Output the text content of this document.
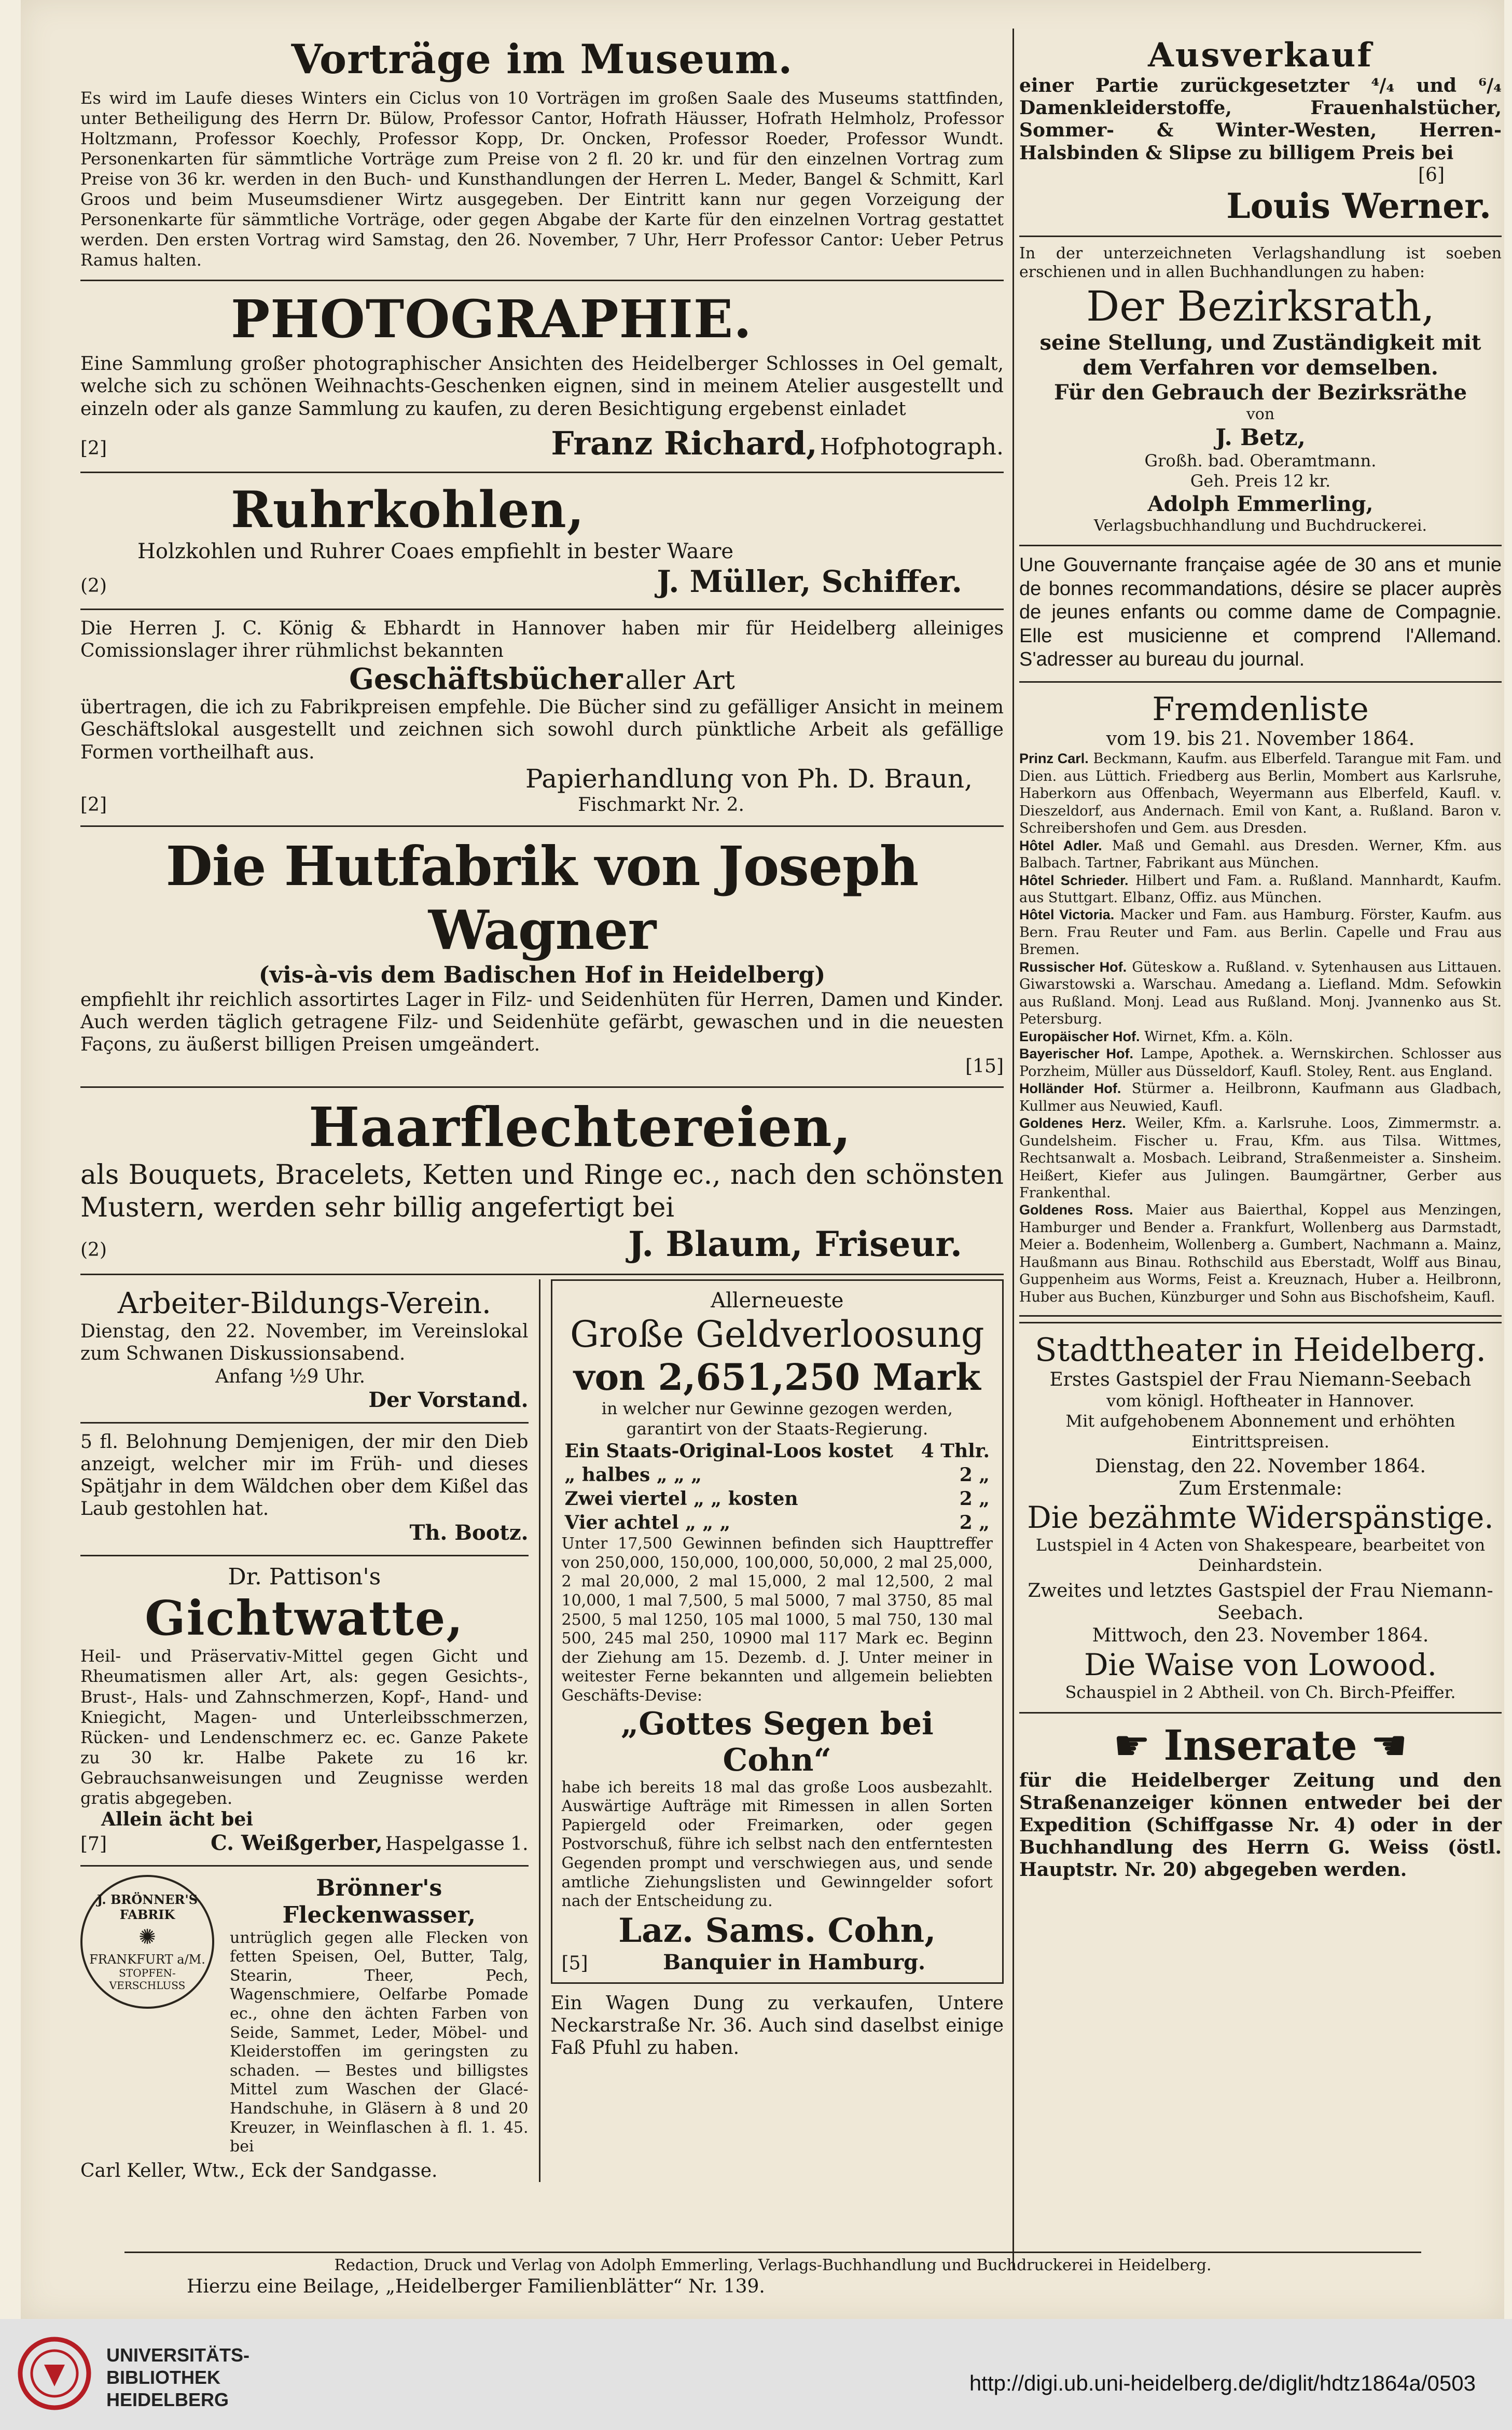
Vorträge im Museum.
Es wird im Laufe dieses Winters ein Ciclus von 10 Vorträgen im großen Saale des Museums stattfinden, unter Betheiligung des Herrn Dr. Bülow, Professor Cantor, Hofrath Häusser, Hofrath Helmholz, Professor Holtzmann, Professor Koechly, Professor Kopp, Dr. Oncken, Professor Roeder, Professor Wundt. Personenkarten für sämmtliche Vorträge zum Preise von 2 fl. 20 kr. und für den einzelnen Vortrag zum Preise von 36 kr. werden in den Buch- und Kunsthandlungen der Herren L. Meder, Bangel & Schmitt, Karl Groos und beim Museumsdiener Wirtz ausgegeben. Der Eintritt kann nur gegen Vorzeigung der Personenkarte für sämmtliche Vorträge, oder gegen Abgabe der Karte für den einzelnen Vortrag gestattet werden. Den ersten Vortrag wird Samstag, den 26. November, 7 Uhr, Herr Professor Cantor: Ueber Petrus Ramus halten.
PHOTOGRAPHIE.
Eine Sammlung großer photographischer Ansichten des Heidelberger Schlosses in Oel gemalt, welche sich zu schönen Weihnachts-Geschenken eignen, sind in meinem Atelier ausgestellt und einzeln oder als ganze Sammlung zu kaufen, zu deren Besichtigung ergebenst einladet
[2]	Franz Richard, Hofphotograph.
Ruhrkohlen,
Holzkohlen und Ruhrer Coaes empfiehlt in bester Waare
(2)	J. Müller, Schiffer.
Die Herren J. C. König & Ebhardt in Hannover haben mir für Heidelberg alleiniges Comissionslager ihrer rühmlichst bekannten
Geschäftsbücher aller Art
übertragen, die ich zu Fabrikpreisen empfehle. Die Bücher sind zu gefälliger Ansicht in meinem Geschäftslokal ausgestellt und zeichnen sich sowohl durch pünktliche Arbeit als gefällige Formen vortheilhaft aus.
Papierhandlung von Ph. D. Braun,
[2]	Fischmarkt Nr. 2.
Die Hutfabrik von Joseph Wagner
(vis-à-vis dem Badischen Hof in Heidelberg)
empfiehlt ihr reichlich assortirtes Lager in Filz- und Seidenhüten für Herren, Damen und Kinder. Auch werden täglich getragene Filz- und Seidenhüte gefärbt, gewaschen und in die neuesten Façons, zu äußerst billigen Preisen umgeändert.
[15]
Haarflechtereien,
als Bouquets, Bracelets, Ketten und Ringe ec., nach den schönsten Mustern, werden sehr billig angefertigt bei
(2)	J. Blaum, Friseur.
Arbeiter-Bildungs-Verein.
Dienstag, den 22. November, im Vereinslokal zum Schwanen Diskussionsabend.
Anfang ½9 Uhr.
Der Vorstand.
5 fl. Belohnung Demjenigen, der mir den Dieb anzeigt, welcher mir im Früh- und dieses Spätjahr in dem Wäldchen ober dem Kißel das Laub gestohlen hat.
Th. Bootz.
Dr. Pattison's
Gichtwatte,
Heil- und Präservativ-Mittel gegen Gicht und Rheumatismen aller Art, als: gegen Gesichts-, Brust-, Hals- und Zahnschmerzen, Kopf-, Hand- und Kniegicht, Magen- und Unterleibsschmerzen, Rücken- und Lendenschmerz ec. ec. Ganze Pakete zu 30 kr. Halbe Pakete zu 16 kr. Gebrauchsanweisungen und Zeugnisse werden gratis abgegeben.
Allein ächt bei
[7]	C. Weißgerber, Haspelgasse 1.
J. BRÖNNER'S FABRIK
✺
FRANKFURT a/M.
STOPFEN-VERSCHLUSS
Brönner's Fleckenwasser,
untrüglich gegen alle Flecken von fetten Speisen, Oel, Butter, Talg, Stearin, Theer, Pech, Wagenschmiere, Oelfarbe Pomade ec., ohne den ächten Farben von Seide, Sammet, Leder, Möbel- und Kleiderstoffen im geringsten zu schaden. — Bestes und billigstes Mittel zum Waschen der Glacé-Handschuhe, in Gläsern à 8 und 20 Kreuzer, in Weinflaschen à fl. 1. 45. bei
Carl Keller, Wtw., Eck der Sandgasse.
Allerneueste
Große Geldverloosung
von 2,651,250 Mark
in welcher nur Gewinne gezogen werden, garantirt von der Staats-Regierung.
Ein Staats-Original-Loos kostet	4 Thlr.
„ halbes „ „ „	2 „
Zwei viertel „ „ kosten	2 „
Vier achtel „ „ „	2 „
Unter 17,500 Gewinnen befinden sich Haupttreffer von 250,000, 150,000, 100,000, 50,000, 2 mal 25,000, 2 mal 20,000, 2 mal 15,000, 2 mal 12,500, 2 mal 10,000, 1 mal 7,500, 5 mal 5000, 7 mal 3750, 85 mal 2500, 5 mal 1250, 105 mal 1000, 5 mal 750, 130 mal 500, 245 mal 250, 10900 mal 117 Mark ec. Beginn der Ziehung am 15. Dezemb. d. J. Unter meiner in weitester Ferne bekannten und allgemein beliebten Geschäfts-Devise:
„Gottes Segen bei Cohn“
habe ich bereits 18 mal das große Loos ausbezahlt. Auswärtige Aufträge mit Rimessen in allen Sorten Papiergeld oder Freimarken, oder gegen Postvorschuß, führe ich selbst nach den entferntesten Gegenden prompt und verschwiegen aus, und sende amtliche Ziehungslisten und Gewinngelder sofort nach der Entscheidung zu.
Laz. Sams. Cohn,
[5]	Banquier in Hamburg.
Ein Wagen Dung zu verkaufen, Untere Neckarstraße Nr. 36. Auch sind daselbst einige Faß Pfuhl zu haben.
Ausverkauf
einer Partie zurückgesetzter ⁴/₄ und ⁶/₄ Damenkleiderstoffe, Frauenhalstücher, Sommer- & Winter-Westen, Herren-Halsbinden & Slipse zu billigem Preis bei
[6]
Louis Werner.
In der unterzeichneten Verlagshandlung ist soeben erschienen und in allen Buchhandlungen zu haben:
Der Bezirksrath,
seine Stellung, und Zuständigkeit mit dem Verfahren vor demselben.
Für den Gebrauch der Bezirksräthe
von
J. Betz,
Großh. bad. Oberamtmann.
Geh. Preis 12 kr.
Adolph Emmerling,
Verlagsbuchhandlung und Buchdruckerei.
Une Gouvernante française agée de 30 ans et munie de bonnes recommandations, désire se placer auprès de jeunes enfants ou comme dame de Compagnie. Elle est musicienne et comprend l'Allemand. S'adresser au bureau du journal.
Fremdenliste
vom 19. bis 21. November 1864.
Prinz Carl. Beckmann, Kaufm. aus Elberfeld. Tarangue mit Fam. und Dien. aus Lüttich. Friedberg aus Berlin, Mombert aus Karlsruhe, Haberkorn aus Offenbach, Weyermann aus Elberfeld, Kaufl. v. Dieszeldorf, aus Andernach. Emil von Kant, a. Rußland. Baron v. Schreibershofen und Gem. aus Dresden.
Hôtel Adler. Maß und Gemahl. aus Dresden. Werner, Kfm. aus Balbach. Tartner, Fabrikant aus München.
Hôtel Schrieder. Hilbert und Fam. a. Rußland. Mannhardt, Kaufm. aus Stuttgart. Elbanz, Offiz. aus München.
Hôtel Victoria. Macker und Fam. aus Hamburg. Förster, Kaufm. aus Bern. Frau Reuter und Fam. aus Berlin. Capelle und Frau aus Bremen.
Russischer Hof. Güteskow a. Rußland. v. Sytenhausen aus Littauen. Giwarstowski a. Warschau. Amedang a. Liefland. Mdm. Sefowkin aus Rußland. Monj. Lead aus Rußland. Monj. Jvannenko aus St. Petersburg.
Europäischer Hof. Wirnet, Kfm. a. Köln.
Bayerischer Hof. Lampe, Apothek. a. Wernskirchen. Schlosser aus Porzheim, Müller aus Düsseldorf, Kaufl. Stoley, Rent. aus England.
Holländer Hof. Stürmer a. Heilbronn, Kaufmann aus Gladbach, Kullmer aus Neuwied, Kaufl.
Goldenes Herz. Weiler, Kfm. a. Karlsruhe. Loos, Zimmermstr. a. Gundelsheim. Fischer u. Frau, Kfm. aus Tilsa. Wittmes, Rechtsanwalt a. Mosbach. Leibrand, Straßenmeister a. Sinsheim. Heißert, Kiefer aus Julingen. Baumgärtner, Gerber aus Frankenthal.
Goldenes Ross. Maier aus Baierthal, Koppel aus Menzingen, Hamburger und Bender a. Frankfurt, Wollenberg aus Darmstadt, Meier a. Bodenheim, Wollenberg a. Gumbert, Nachmann a. Mainz, Haußmann aus Binau. Rothschild aus Eberstadt, Wolff aus Binau, Guppenheim aus Worms, Feist a. Kreuznach, Huber a. Heilbronn, Huber aus Buchen, Künzburger und Sohn aus Bischofsheim, Kaufl.
Stadttheater in Heidelberg.
Erstes Gastspiel der Frau Niemann-Seebach
vom königl. Hoftheater in Hannover.
Mit aufgehobenem Abonnement und erhöhten Eintrittspreisen.
Dienstag, den 22. November 1864.
Zum Erstenmale:
Die bezähmte Widerspänstige.
Lustspiel in 4 Acten von Shakespeare, bearbeitet von Deinhardstein.
Zweites und letztes Gastspiel der Frau Niemann-Seebach.
Mittwoch, den 23. November 1864.
Die Waise von Lowood.
Schauspiel in 2 Abtheil. von Ch. Birch-Pfeiffer.
☛ Inserate ☚
für die Heidelberger Zeitung und den Straßenanzeiger können entweder bei der Expedition (Schiffgasse Nr. 4) oder in der Buchhandlung des Herrn G. Weiss (östl. Hauptstr. Nr. 20) abgegeben werden.
Redaction, Druck und Verlag von Adolph Emmerling, Verlags-Buchhandlung und Buchdruckerei in Heidelberg.
Hierzu eine Beilage, „Heidelberger Familienblätter“ Nr. 139.
UNIVERSITÄTS-
BIBLIOTHEK
HEIDELBERG
http://digi.ub.uni-heidelberg.de/diglit/hdtz1864a/0503
